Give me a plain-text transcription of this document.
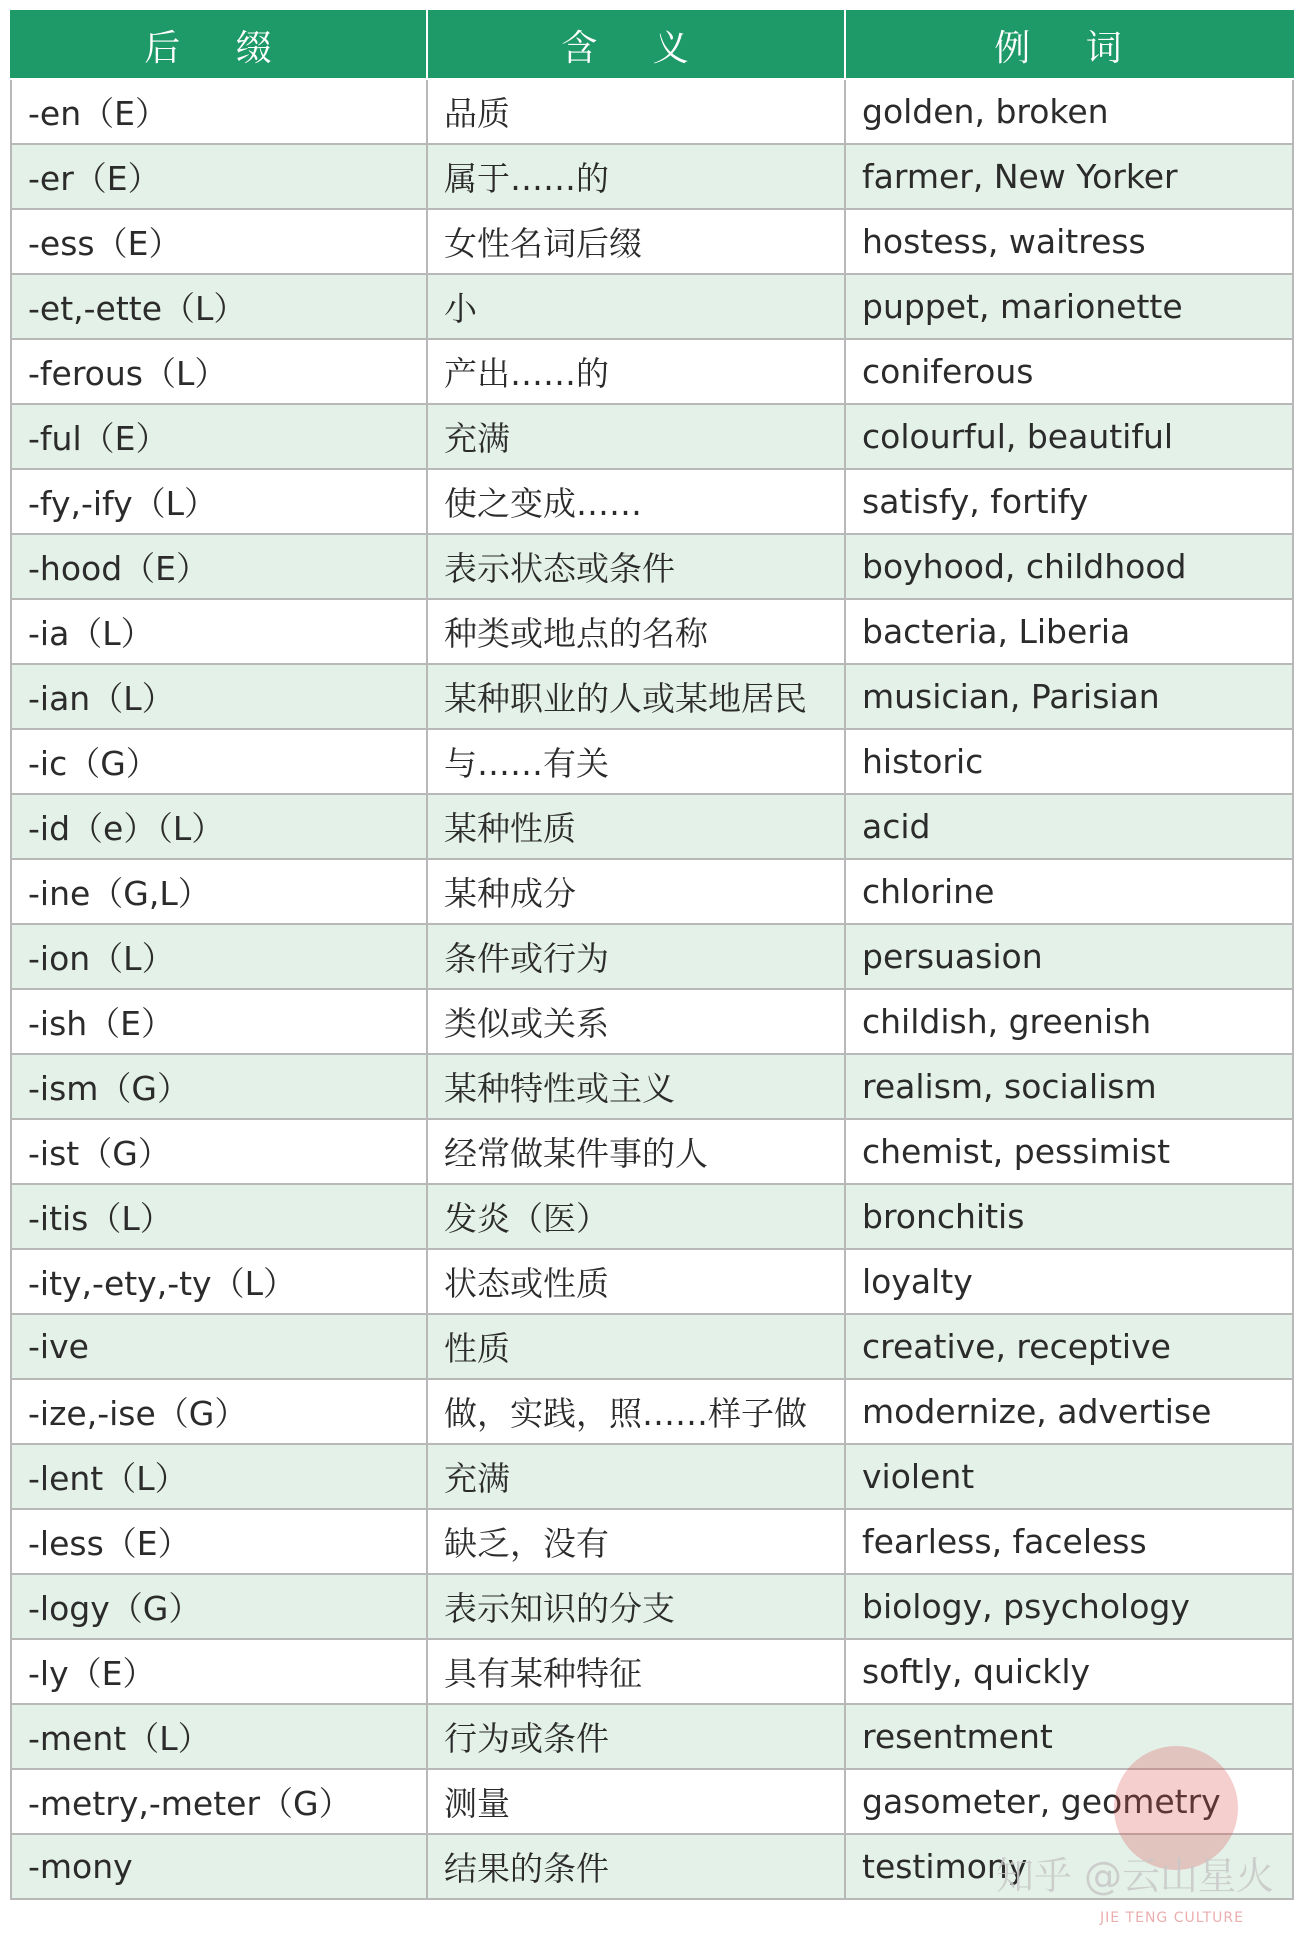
后 缀	含 义	例 词
-en（E）	品质	golden, broken
-er（E）	属于……的	farmer, New Yorker
-ess（E）	女性名词后缀	hostess, waitress
-et,-ette（L）	小	puppet, marionette
-ferous（L）	产出……的	coniferous
-ful（E）	充满	colourful, beautiful
-fy,-ify（L）	使之变成……	satisfy, fortify
-hood（E）	表示状态或条件	boyhood, childhood
-ia（L）	种类或地点的名称	bacteria, Liberia
-ian（L）	某种职业的人或某地居民	musician, Parisian
-ic（G）	与……有关	historic
-id（e）（L）	某种性质	acid
-ine（G,L）	某种成分	chlorine
-ion（L）	条件或行为	persuasion
-ish（E）	类似或关系	childish, greenish
-ism（G）	某种特性或主义	realism, socialism
-ist（G）	经常做某件事的人	chemist, pessimist
-itis（L）	发炎（医）	bronchitis
-ity,-ety,-ty（L）	状态或性质	loyalty
-ive	性质	creative, receptive
-ize,-ise（G）	做，实践，照……样子做	modernize, advertise
-lent（L）	充满	violent
-less（E）	缺乏，没有	fearless, faceless
-logy（G）	表示知识的分支	biology, psychology
-ly（E）	具有某种特征	softly, quickly
-ment（L）	行为或条件	resentment
-metry,-meter（G）	测量	gasometer, geometry
-mony	结果的条件	testimony
知乎 @云山星火
JIE TENG CULTURE
